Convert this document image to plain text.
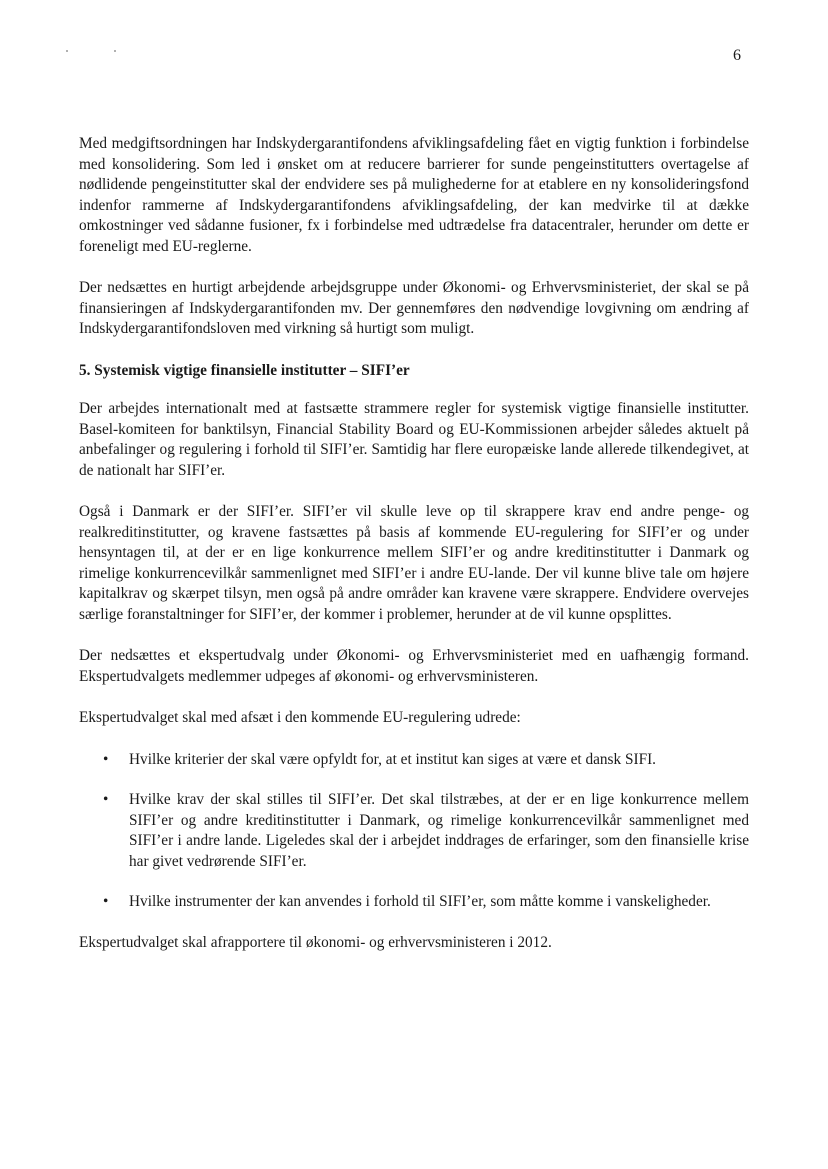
6

Med medgiftsordningen har Indskydergarantifondens afviklingsafdeling fået en vigtig funktion i forbindelse med konsolidering. Som led i ønsket om at reducere barrierer for sunde pengeinstitutters overtagelse af nødlidende pengeinstitutter skal der endvidere ses på mulighederne for at etablere en ny konsolideringsfond indenfor rammerne af Indskydergarantifondens afviklingsafdeling, der kan medvirke til at dække omkostninger ved sådanne fusioner, fx i forbindelse med udtrædelse fra datacentraler, herunder om dette er foreneligt med EU-reglerne.

Der nedsættes en hurtigt arbejdende arbejdsgruppe under Økonomi- og Erhvervsministeriet, der skal se på finansieringen af Indskydergarantifonden mv. Der gennemføres den nødvendige lovgivning om ændring af Indskydergarantifondsloven med virkning så hurtigt som muligt.

5. Systemisk vigtige finansielle institutter – SIFI’er

Der arbejdes internationalt med at fastsætte strammere regler for systemisk vigtige finansielle institutter. Basel-komiteen for banktilsyn, Financial Stability Board og EU-Kommissionen arbejder således aktuelt på anbefalinger og regulering i forhold til SIFI’er. Samtidig har flere europæiske lande allerede tilkendegivet, at de nationalt har SIFI’er.

Også i Danmark er der SIFI’er. SIFI’er vil skulle leve op til skrappere krav end andre penge- og realkreditinstitutter, og kravene fastsættes på basis af kommende EU-regulering for SIFI’er og under hensyntagen til, at der er en lige konkurrence mellem SIFI’er og andre kreditinstitutter i Danmark og rimelige konkurrencevilkår sammenlignet med SIFI’er i andre EU-lande. Der vil kunne blive tale om højere kapitalkrav og skærpet tilsyn, men også på andre områder kan kravene være skrappere. Endvidere overvejes særlige foranstaltninger for SIFI’er, der kommer i problemer, herunder at de vil kunne opsplittes.

Der nedsættes et ekspertudvalg under Økonomi- og Erhvervsministeriet med en uafhængig formand. Ekspertudvalgets medlemmer udpeges af økonomi- og erhvervsministeren.

Ekspertudvalget skal med afsæt i den kommende EU-regulering udrede:

• Hvilke kriterier der skal være opfyldt for, at et institut kan siges at være et dansk SIFI.
• Hvilke krav der skal stilles til SIFI’er. Det skal tilstræbes, at der er en lige konkurrence mellem SIFI’er og andre kreditinstitutter i Danmark, og rimelige konkurrencevilkår sammenlignet med SIFI’er i andre lande. Ligeledes skal der i arbejdet inddrages de erfaringer, som den finansielle krise har givet vedrørende SIFI’er.
• Hvilke instrumenter der kan anvendes i forhold til SIFI’er, som måtte komme i vanskeligheder.

Ekspertudvalget skal afrapportere til økonomi- og erhvervsministeren i 2012.
